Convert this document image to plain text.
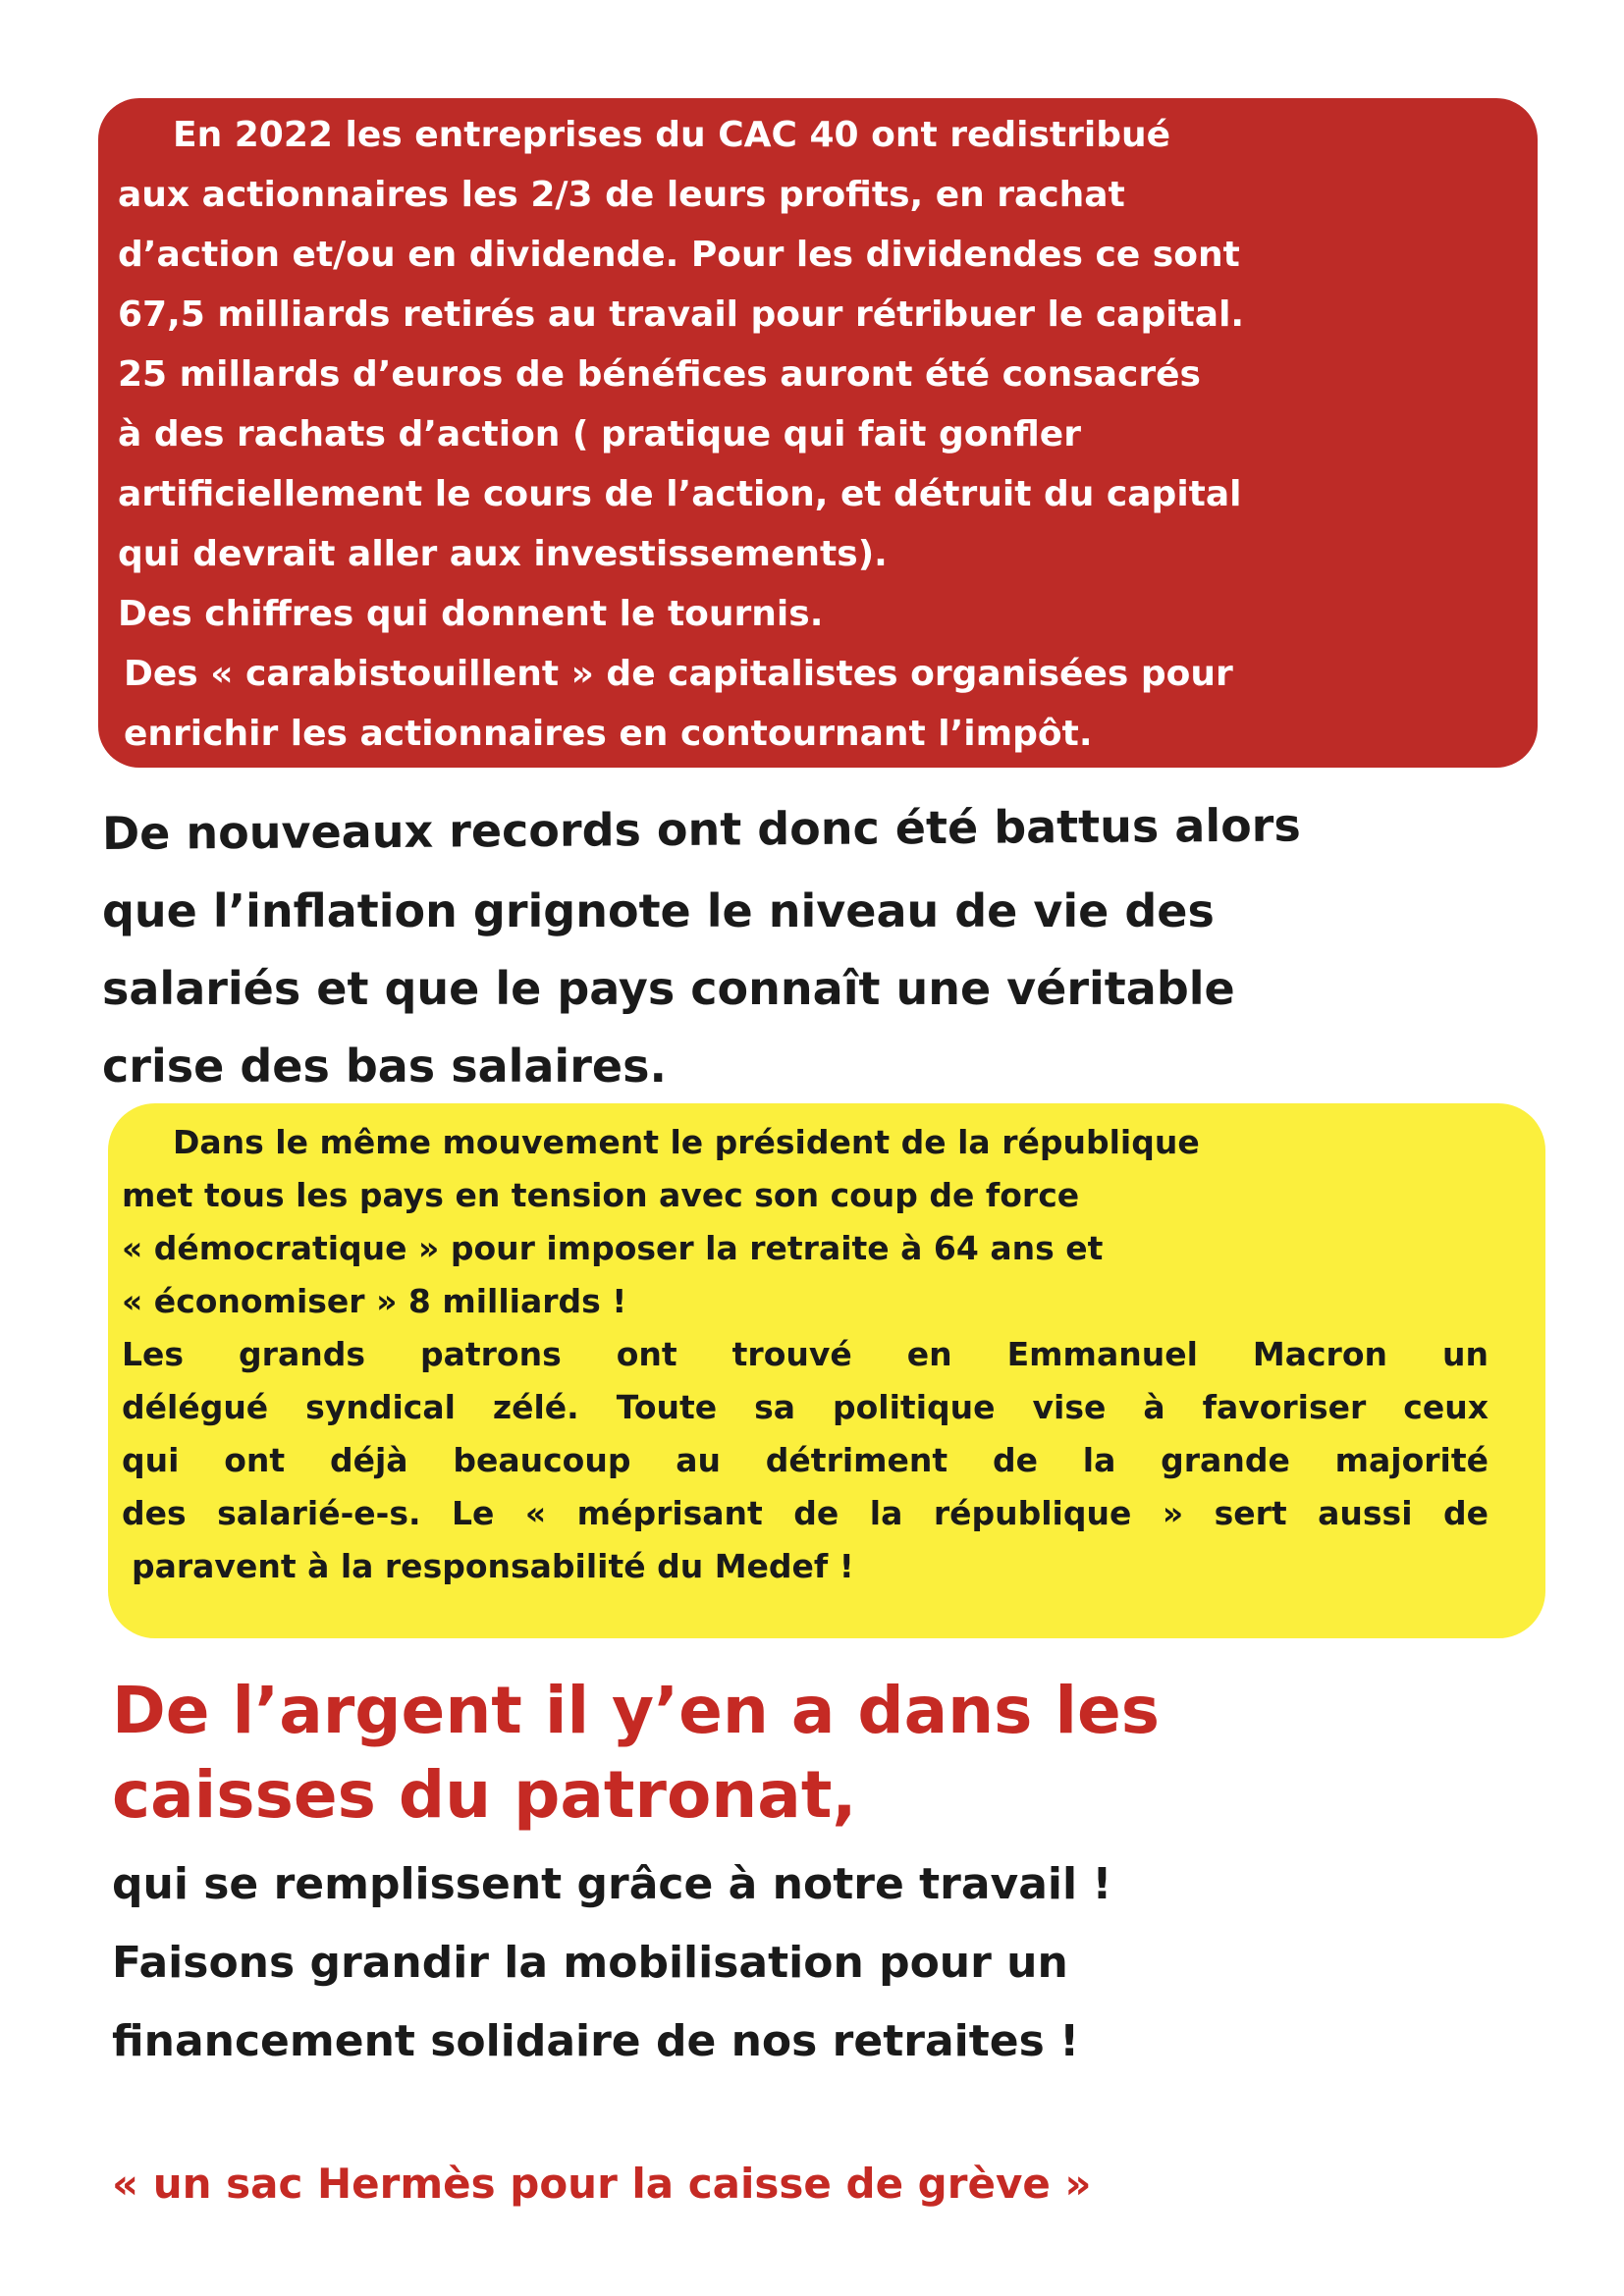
En 2022 les entreprises du CAC 40 ont redistribué
aux actionnaires les 2/3 de leurs profits, en rachat
d’action et/ou en dividende. Pour les dividendes ce sont
67,5 milliards retirés au travail pour rétribuer le capital.
25 millards d’euros de bénéfices auront été consacrés
à des rachats d’action ( pratique qui fait gonfler
artificiellement le cours de l’action, et détruit du capital
qui devrait aller aux investissements).
Des chiffres qui donnent le tournis.
Des « carabistouillent » de capitalistes organisées pour
enrichir les actionnaires en contournant l’impôt.
De nouveaux records ont donc été battus alors
que l’inflation grignote le niveau de vie des
salariés et que le pays connaît une véritable
crise des bas salaires.
Dans le même mouvement le président de la république
met tous les pays en tension avec son coup de force
« démocratique » pour imposer la retraite à 64 ans et
« économiser » 8 milliards !
Les grands patrons ont trouvé en Emmanuel Macron un
délégué syndical zélé. Toute sa politique vise à favoriser ceux
qui ont déjà beaucoup au détriment de la grande majorité
des salarié-e-s. Le « méprisant de la république » sert aussi de
paravent à la responsabilité du Medef !
De l’argent il y’en a dans les
caisses du patronat,
qui se remplissent grâce à notre travail !
Faisons grandir la mobilisation pour un
financement solidaire de nos retraites !
« un sac Hermès pour la caisse de grève »
